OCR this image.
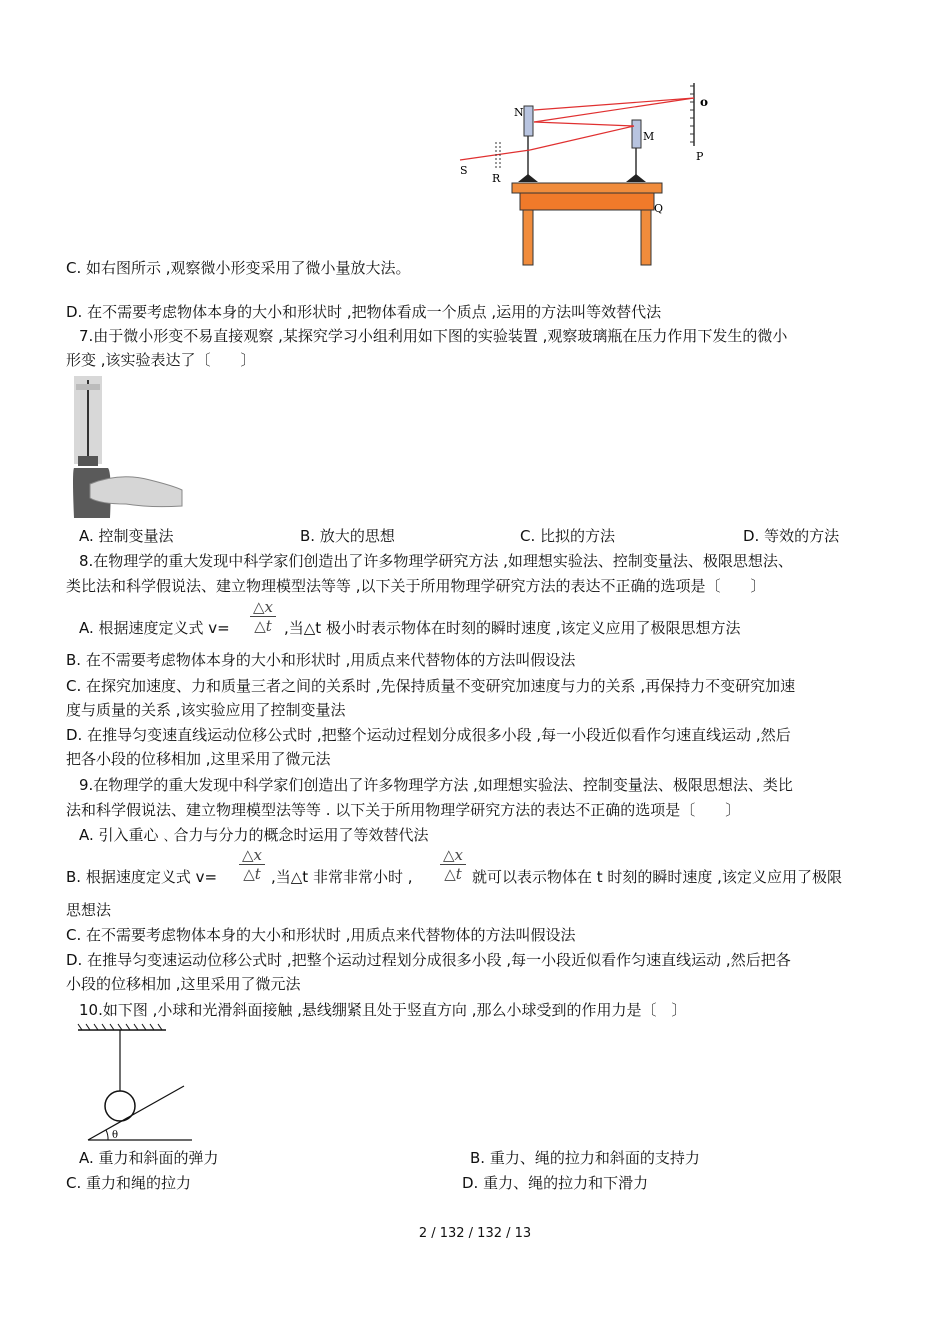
N
M
o
P
S
R
Q
C. 如右图所示 ,观察微小形变采用了微小量放大法。
D. 在不需要考虑物体本身的大小和形状时 ,把物体看成一个质点 ,运用的方法叫等效替代法
7.由于微小形变不易直接观察 ,某探究学习小组利用如下图的实验装置 ,观察玻璃瓶在压力作用下发生的微小
形变 ,该实验表达了〔　　〕
A. 控制变量法	B. 放大的思想	C. 比拟的方法	D. 等效的方法
8.在物理学的重大发现中科学家们创造出了许多物理学研究方法 ,如理想实验法、控制变量法、极限思想法、
类比法和科学假说法、建立物理模型法等等 ,以下关于所用物理学研究方法的表达不正确的选项是〔　　〕
A. 根据速度定义式 v=
△x
△t ,当△t 极小时表示物体在时刻的瞬时速度 ,该定义应用了极限思想方法
B. 在不需要考虑物体本身的大小和形状时 ,用质点来代替物体的方法叫假设法
C. 在探究加速度、力和质量三者之间的关系时 ,先保持质量不变研究加速度与力的关系 ,再保持力不变研究加速
度与质量的关系 ,该实验应用了控制变量法
D. 在推导匀变速直线运动位移公式时 ,把整个运动过程划分成很多小段 ,每一小段近似看作匀速直线运动 ,然后
把各小段的位移相加 ,这里采用了微元法
9.在物理学的重大发现中科学家们创造出了许多物理学方法 ,如理想实验法、控制变量法、极限思想法、类比
法和科学假说法、建立物理模型法等等 . 以下关于所用物理学研究方法的表达不正确的选项是〔　　〕
A. 引入重心﹑合力与分力的概念时运用了等效替代法
B. 根据速度定义式 v=
△x
△t ,当△t 非常非常小时 ,
△x
△t 就可以表示物体在 t 时刻的瞬时速度 ,该定义应用了极限
思想法
C. 在不需要考虑物体本身的大小和形状时 ,用质点来代替物体的方法叫假设法
D. 在推导匀变速运动位移公式时 ,把整个运动过程划分成很多小段 ,每一小段近似看作匀速直线运动 ,然后把各
小段的位移相加 ,这里采用了微元法
10.如下图 ,小球和光滑斜面接触 ,悬线绷紧且处于竖直方向 ,那么小球受到的作用力是〔　〕
θ
A. 重力和斜面的弹力	B. 重力、绳的拉力和斜面的支持力
C. 重力和绳的拉力	D. 重力、绳的拉力和下滑力
2 / 132 / 132 / 13
